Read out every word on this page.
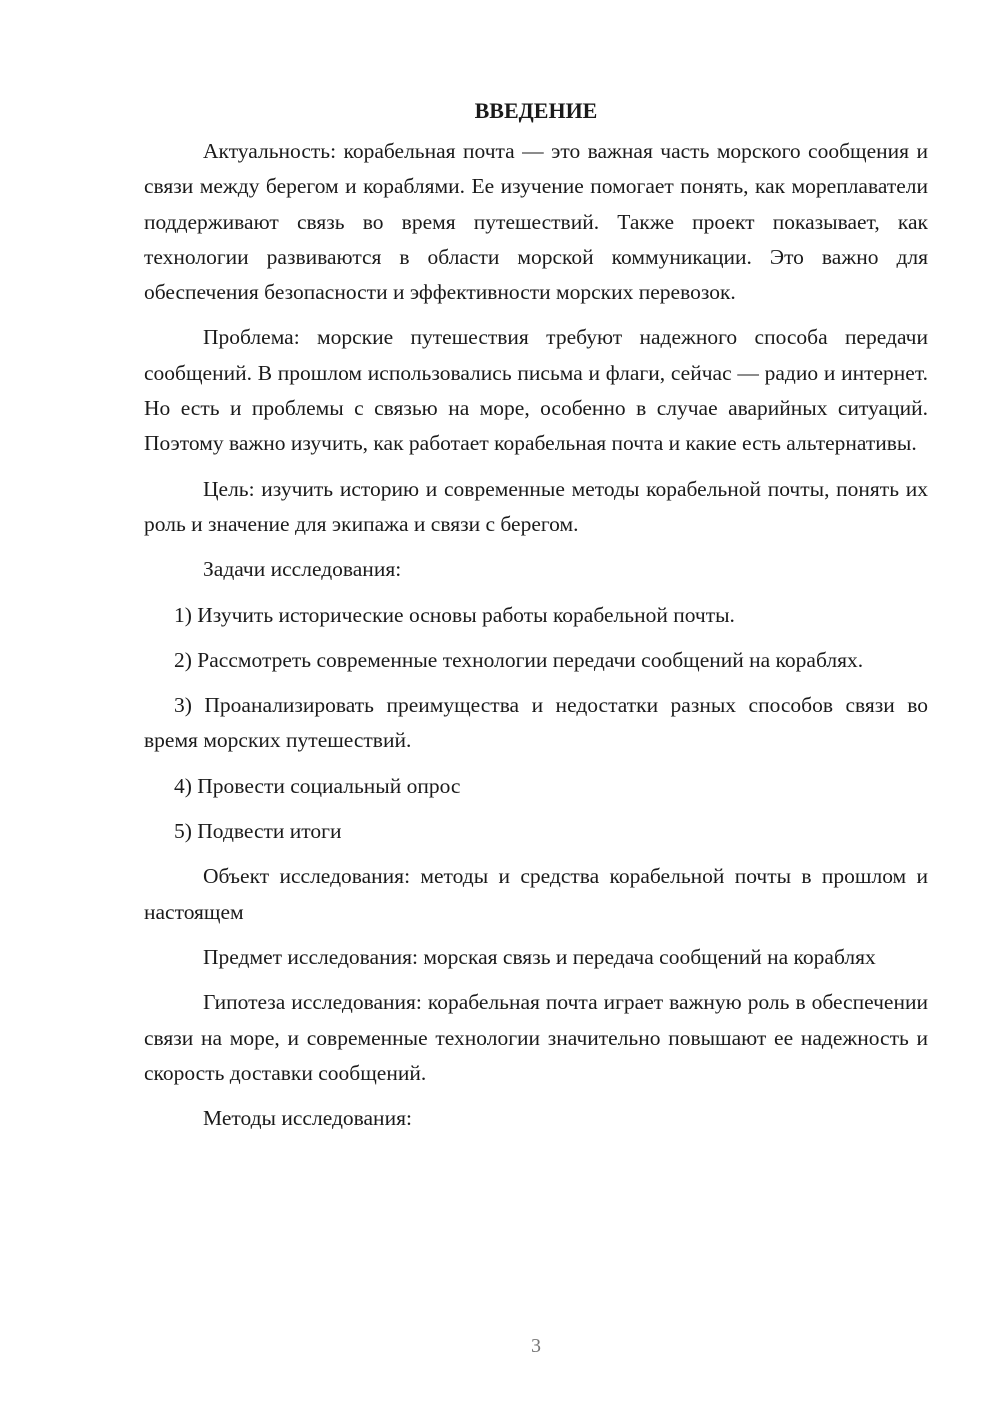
ВВЕДЕНИЕ

Актуальность: корабельная почта — это важная часть морского сообщения и связи между берегом и кораблями. Ее изучение помогает понять, как мореплаватели поддерживают связь во время путешествий. Также проект показывает, как технологии развиваются в области морской коммуникации. Это важно для обеспечения безопасности и эффективности морских перевозок.

Проблема: морские путешествия требуют надежного способа передачи сообщений. В прошлом использовались письма и флаги, сейчас — радио и интернет. Но есть и проблемы с связью на море, особенно в случае аварийных ситуаций. Поэтому важно изучить, как работает корабельная почта и какие есть альтернативы.

Цель: изучить историю и современные методы корабельной почты, понять их роль и значение для экипажа и связи с берегом.

Задачи исследования:

1) Изучить исторические основы работы корабельной почты.

2) Рассмотреть современные технологии передачи сообщений на кораблях.

3) Проанализировать преимущества и недостатки разных способов связи во время морских путешествий.

4) Провести социальный опрос

5) Подвести итоги

Объект исследования: методы и средства корабельной почты в прошлом и настоящем

Предмет исследования: морская связь и передача сообщений на кораблях

Гипотеза исследования: корабельная почта играет важную роль в обеспечении связи на море, и современные технологии значительно повышают ее надежность и скорость доставки сообщений.

Методы исследования:

3
